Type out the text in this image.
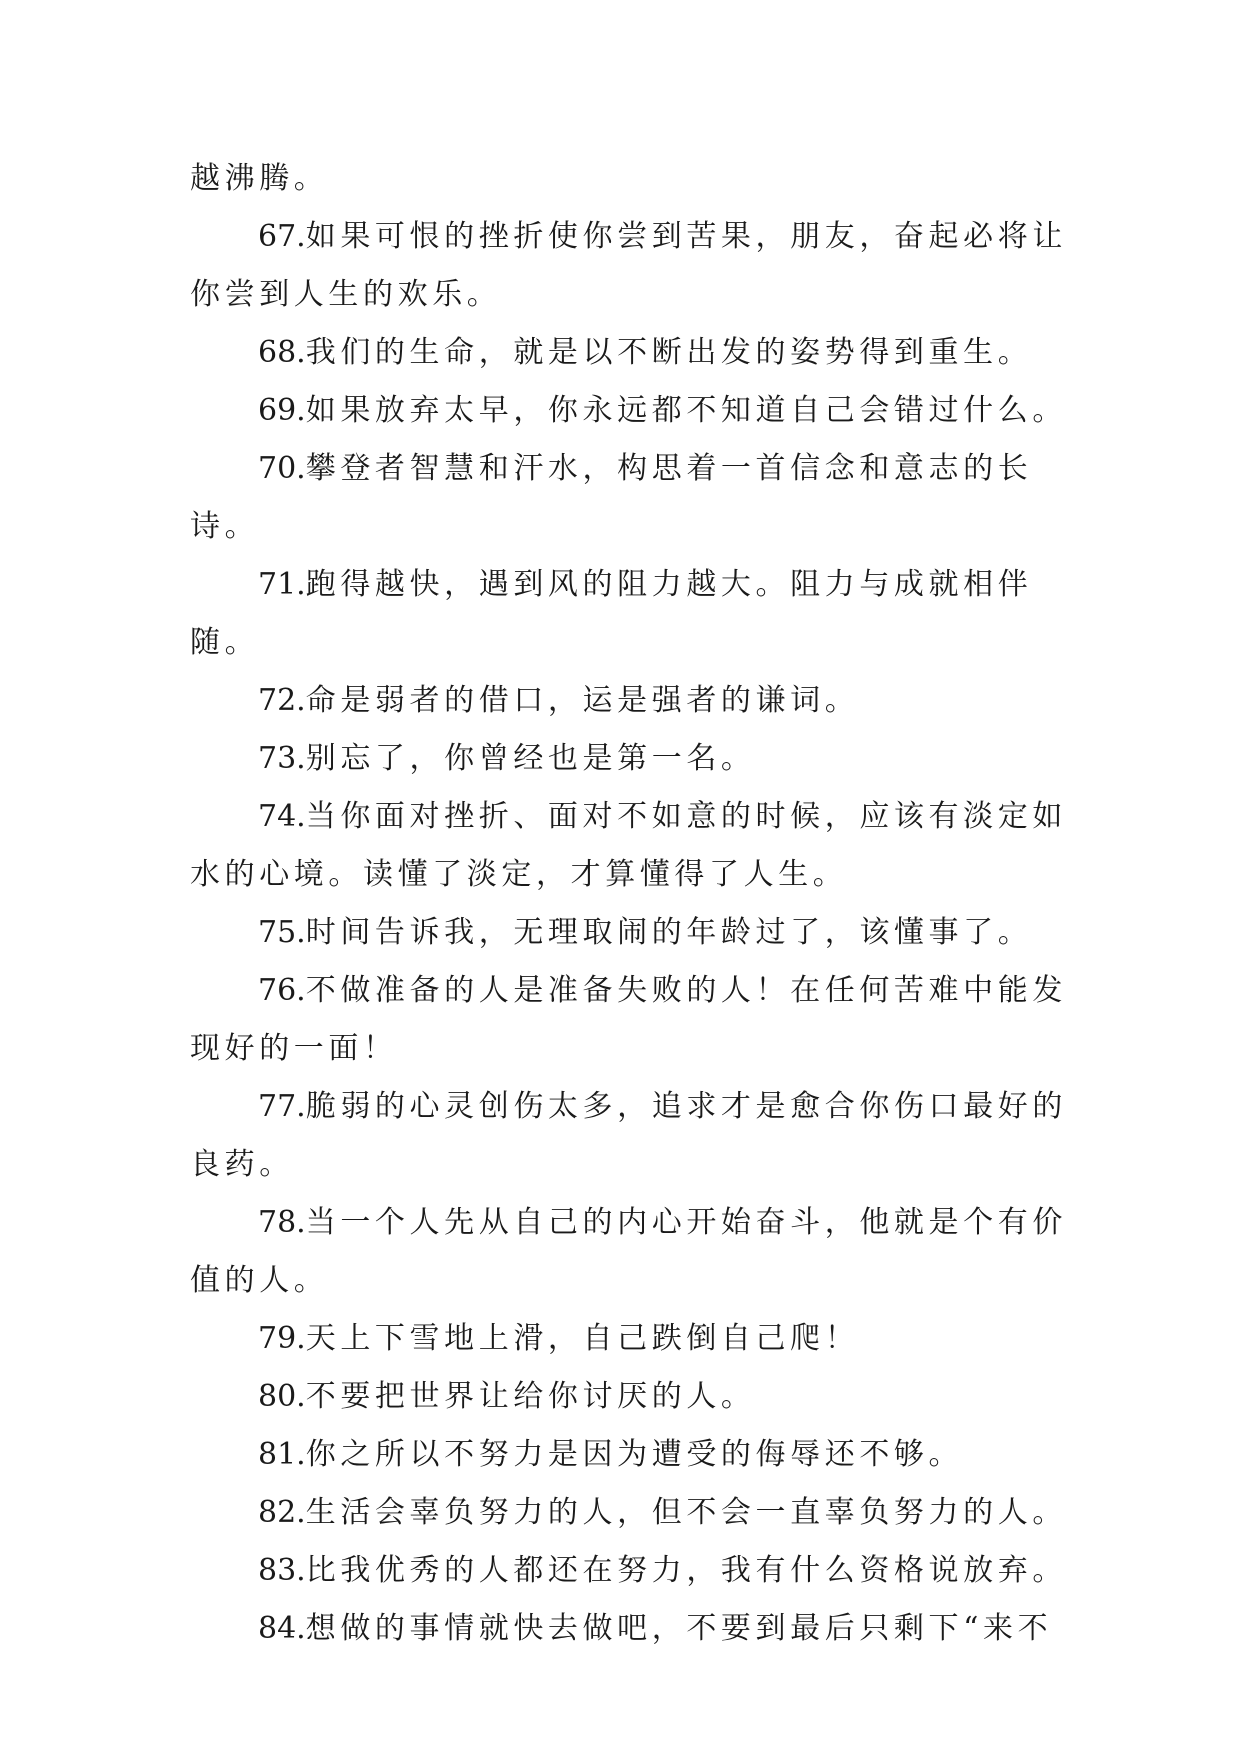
越沸腾。

67.如果可恨的挫折使你尝到苦果，朋友，奋起必将让你尝到人生的欢乐。

68.我们的生命，就是以不断出发的姿势得到重生。

69.如果放弃太早，你永远都不知道自己会错过什么。

70.攀登者智慧和汗水，构思着一首信念和意志的长诗。

71.跑得越快，遇到风的阻力越大。阻力与成就相伴随。

72.命是弱者的借口，运是强者的谦词。

73.别忘了，你曾经也是第一名。

74.当你面对挫折、面对不如意的时候，应该有淡定如水的心境。读懂了淡定，才算懂得了人生。

75.时间告诉我，无理取闹的年龄过了，该懂事了。

76.不做准备的人是准备失败的人！在任何苦难中能发现好的一面！

77.脆弱的心灵创伤太多，追求才是愈合你伤口最好的良药。

78.当一个人先从自己的内心开始奋斗，他就是个有价值的人。

79.天上下雪地上滑，自己跌倒自己爬！

80.不要把世界让给你讨厌的人。

81.你之所以不努力是因为遭受的侮辱还不够。

82.生活会辜负努力的人，但不会一直辜负努力的人。

83.比我优秀的人都还在努力，我有什么资格说放弃。

84.想做的事情就快去做吧，不要到最后只剩下“来不
